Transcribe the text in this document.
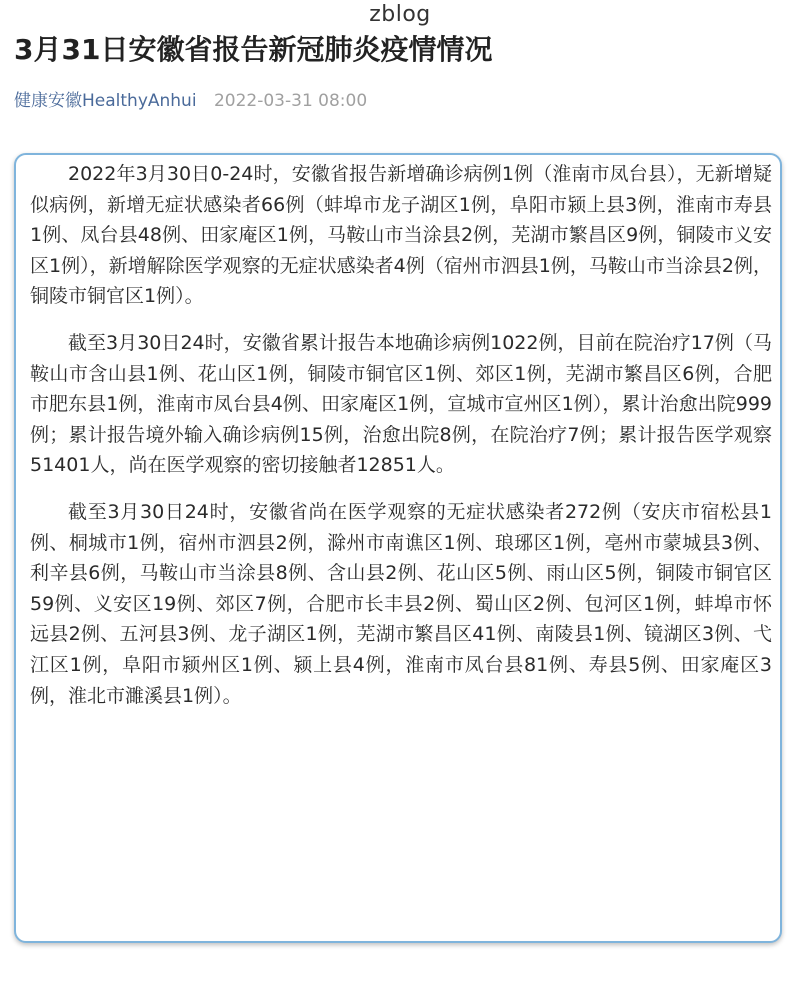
zblog
3月31日安徽省报告新冠肺炎疫情情况
健康安徽HealthyAnhui 2022-03-31 08:00

2022年3月30日0-24时，安徽省报告新增确诊病例1例（淮南市凤台县），无新增疑似病例，新增无症状感染者66例（蚌埠市龙子湖区1例，阜阳市颍上县3例，淮南市寿县1例、凤台县48例、田家庵区1例，马鞍山市当涂县2例，芜湖市繁昌区9例，铜陵市义安区1例），新增解除医学观察的无症状感染者4例（宿州市泗县1例，马鞍山市当涂县2例，铜陵市铜官区1例）。

截至3月30日24时，安徽省累计报告本地确诊病例1022例，目前在院治疗17例（马鞍山市含山县1例、花山区1例，铜陵市铜官区1例、郊区1例，芜湖市繁昌区6例，合肥市肥东县1例，淮南市凤台县4例、田家庵区1例，宣城市宣州区1例），累计治愈出院999例；累计报告境外输入确诊病例15例，治愈出院8例，在院治疗7例；累计报告医学观察51401人，尚在医学观察的密切接触者12851人。

截至3月30日24时，安徽省尚在医学观察的无症状感染者272例（安庆市宿松县1例、桐城市1例，宿州市泗县2例，滁州市南谯区1例、琅琊区1例，亳州市蒙城县3例、利辛县6例，马鞍山市当涂县8例、含山县2例、花山区5例、雨山区5例，铜陵市铜官区59例、义安区19例、郊区7例，合肥市长丰县2例、蜀山区2例、包河区1例，蚌埠市怀远县2例、五河县3例、龙子湖区1例，芜湖市繁昌区41例、南陵县1例、镜湖区3例、弋江区1例，阜阳市颍州区1例、颍上县4例，淮南市凤台县81例、寿县5例、田家庵区3例，淮北市濉溪县1例）。
